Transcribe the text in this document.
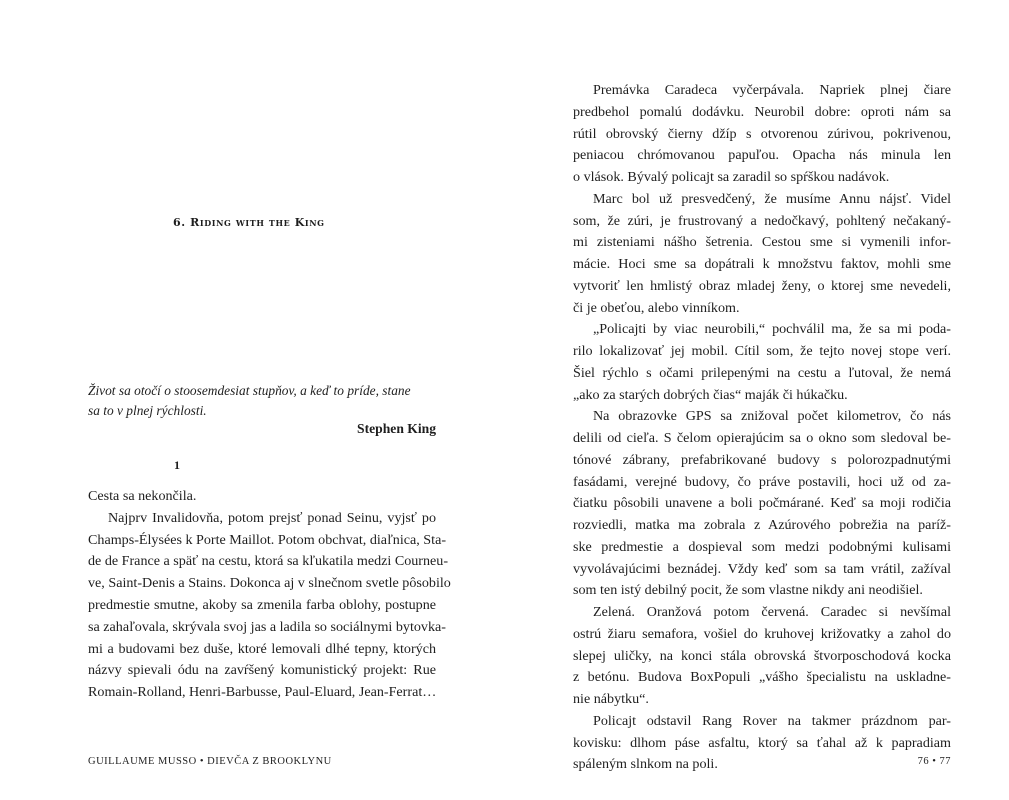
6. Riding with the King
Život sa otočí o stoosemdesiat stupňov, a keď to príde, stane
sa to v plnej rýchlosti.
Stephen King
1
Cesta sa nekončila.
Najprv Invalidovňa, potom prejsť ponad Seinu, vyjsť po
Champs-Élysées k Porte Maillot. Potom obchvat, diaľnica, Sta-
de de France a späť na cestu, ktorá sa kľukatila medzi Courneu-
ve, Saint-Denis a Stains. Dokonca aj v slnečnom svetle pôsobilo
predmestie smutne, akoby sa zmenila farba oblohy, postupne
sa zahaľovala, skrývala svoj jas a ladila so sociálnymi bytovka-
mi a budovami bez duše, ktoré lemovali dlhé tepny, ktorých
názvy spievali ódu na zavŕšený komunistický projekt: Rue
Romain-Rolland, Henri-Barbusse, Paul-Eluard, Jean-Ferrat…
GUILLAUME MUSSO • DIEVČA Z BROOKLYNU
Premávka Caradeca vyčerpávala. Napriek plnej čiare
predbehol pomalú dodávku. Neurobil dobre: oproti nám sa
rútil obrovský čierny džíp s otvorenou zúrivou, pokrivenou,
peniacou chrómovanou papuľou. Opacha nás minula len
o vlások. Bývalý policajt sa zaradil so spŕškou nadávok.
Marc bol už presvedčený, že musíme Annu nájsť. Videl
som, že zúri, je frustrovaný a nedočkavý, pohltený nečakaný-
mi zisteniami nášho šetrenia. Cestou sme si vymenili infor-
mácie. Hoci sme sa dopátrali k množstvu faktov, mohli sme
vytvoriť len hmlistý obraz mladej ženy, o ktorej sme nevedeli,
či je obeťou, alebo vinníkom.
„Policajti by viac neurobili,“ pochválil ma, že sa mi poda-
rilo lokalizovať jej mobil. Cítil som, že tejto novej stope verí.
Šiel rýchlo s očami prilepenými na cestu a ľutoval, že nemá
„ako za starých dobrých čias“ maják či húkačku.
Na obrazovke GPS sa znižoval počet kilometrov, čo nás
delili od cieľa. S čelom opierajúcim sa o okno som sledoval be-
tónové zábrany, prefabrikované budovy s polorozpadnutými
fasádami, verejné budovy, čo práve postavili, hoci už od za-
čiatku pôsobili unavene a boli počmárané. Keď sa moji rodičia
rozviedli, matka ma zobrala z Azúrového pobrežia na paríž-
ske predmestie a dospieval som medzi podobnými kulisami
vyvolávajúcimi beznádej. Vždy keď som sa tam vrátil, zažíval
som ten istý debilný pocit, že som vlastne nikdy ani neodišiel.
Zelená. Oranžová potom červená. Caradec si nevšímal
ostrú žiaru semafora, vošiel do kruhovej križovatky a zahol do
slepej uličky, na konci stála obrovská štvorposchodová kocka
z betónu. Budova BoxPopuli „vášho špecialistu na uskladne-
nie nábytku“.
Policajt odstavil Rang Rover na takmer prázdnom par-
kovisku: dlhom páse asfaltu, ktorý sa ťahal až k papradiam
spáleným slnkom na poli.	76 • 77
